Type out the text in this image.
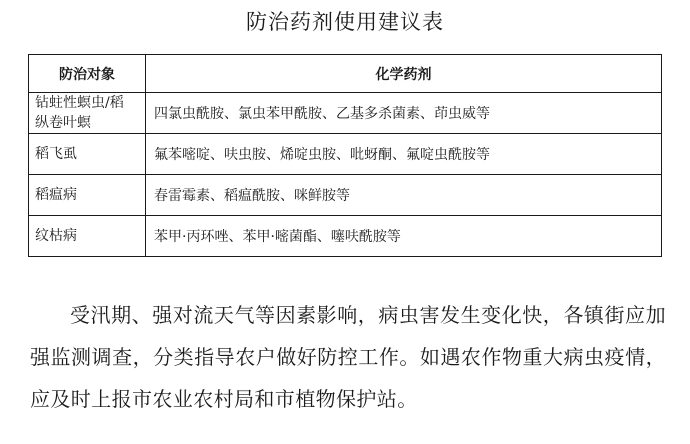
防治药剂使用建议表
防治对象	化学药剂
钻蛀性螟虫/稻纵卷叶螟	四氯虫酰胺、氯虫苯甲酰胺、乙基多杀菌素、茚虫威等
稻飞虱	氟苯嘧啶、呋虫胺、烯啶虫胺、吡蚜酮、氟啶虫酰胺等
稻瘟病	春雷霉素、稻瘟酰胺、咪鲜胺等
纹枯病	苯甲·丙环唑、苯甲·嘧菌酯、噻呋酰胺等
受汛期、强对流天气等因素影响，病虫害发生变化快，各镇街应加强监测调查，分类指导农户做好防控工作。如遇农作物重大病虫疫情，应及时上报市农业农村局和市植物保护站。
